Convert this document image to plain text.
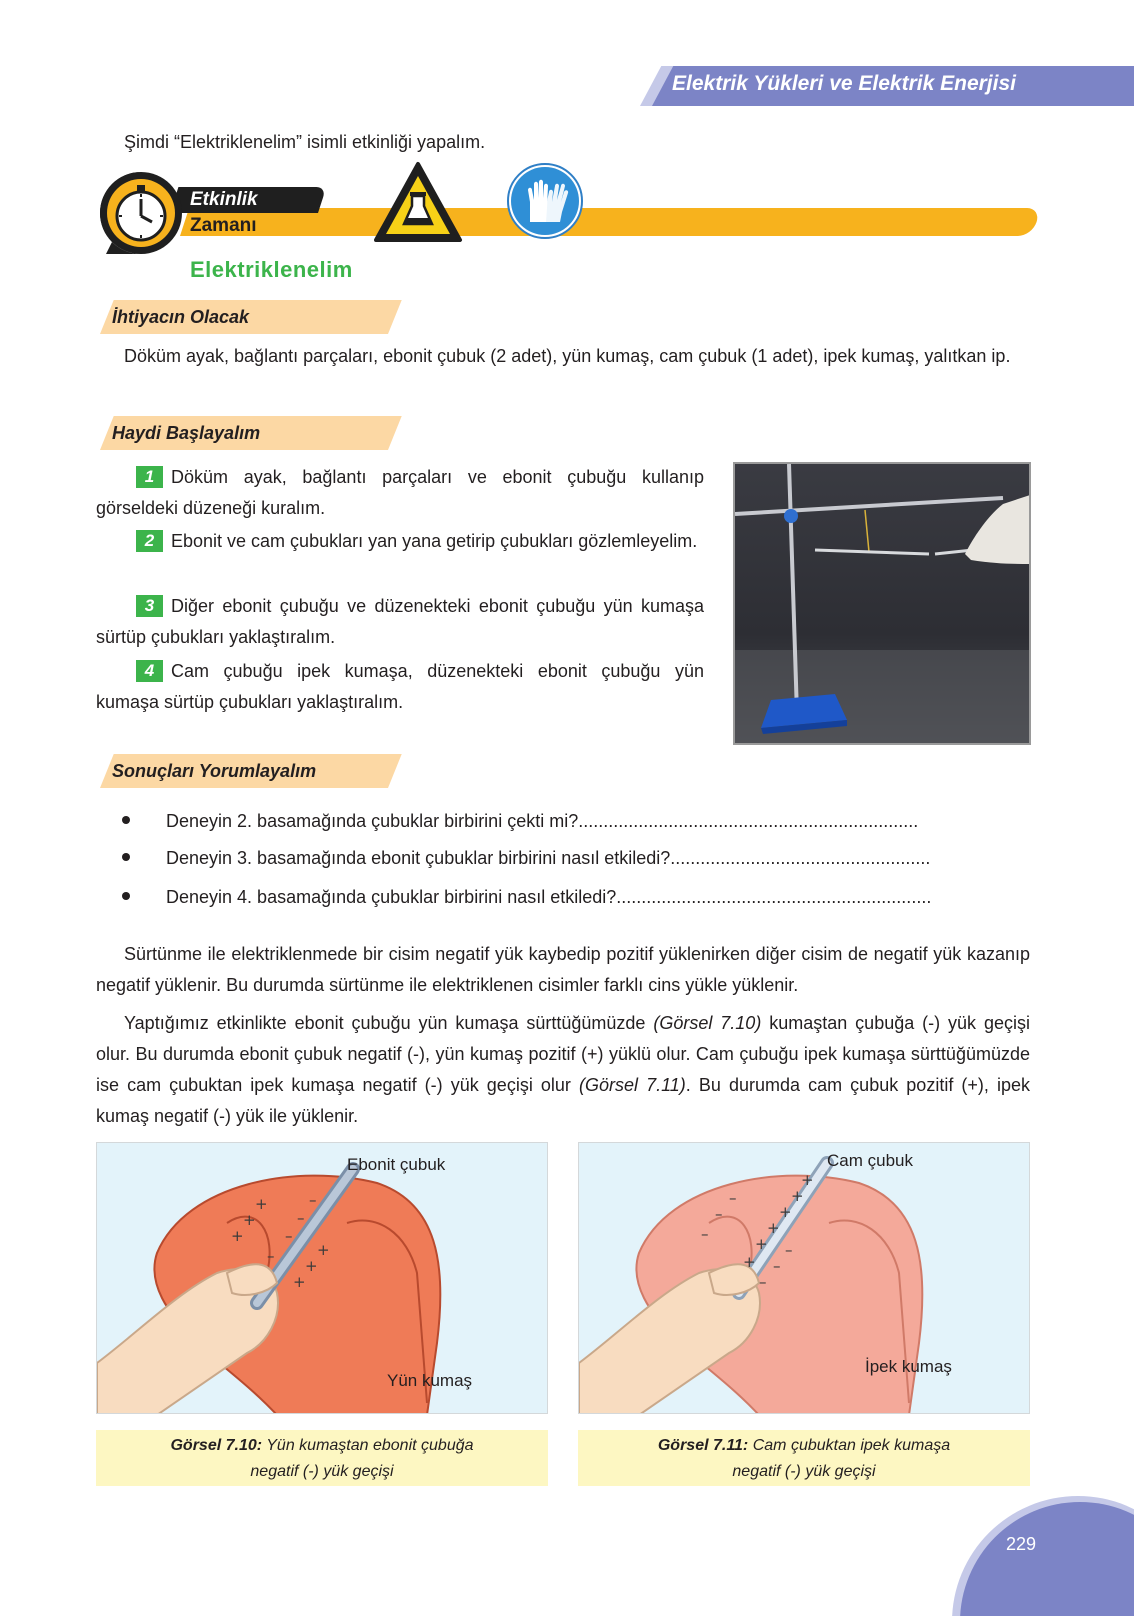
Elektrik Yükleri ve Elektrik Enerjisi
Şimdi “Elektriklenelim” isimli etkinliği yapalım.
Etkinlik
Zamanı
Elektriklenelim
İhtiyacın Olacak
Döküm ayak, bağlantı parçaları, ebonit çubuk (2 adet), yün kumaş, cam çubuk (1 adet), ipek kumaş, yalıtkan ip.
Haydi Başlayalım
1 Döküm ayak, bağlantı parçaları ve ebonit çubuğu kullanıp görseldeki düzeneği kuralım.
2 Ebonit ve cam çubukları yan yana getirip çubukları gözlemleyelim.
3 Diğer ebonit çubuğu ve düzenekteki ebonit çubuğu yün kumaşa sürtüp çubukları yaklaştıralım.
4 Cam çubuğu ipek kumaşa, düzenekteki ebonit çubuğu yün kumaşa sürtüp çubukları yaklaştıralım.
Sonuçları Yorumlayalım
Deneyin 2. basamağında çubuklar birbirini çekti mi?....................................................................
Deneyin 3. basamağında ebonit çubuklar birbirini nasıl etkiledi?....................................................
Deneyin 4. basamağında çubuklar birbirini nasıl etkiledi?...............................................................
Sürtünme ile elektriklenmede bir cisim negatif yük kaybedip pozitif yüklenirken diğer cisim de negatif yük kazanıp negatif yüklenir. Bu durumda sürtünme ile elektriklenen cisimler farklı cins yükle yüklenir.
Yaptığımız etkinlikte ebonit çubuğu yün kumaşa sürttüğümüzde (Görsel 7.10) kumaştan çubuğa (-) yük geçişi olur. Bu durumda ebonit çubuk negatif (-), yün kumaş pozitif (+) yüklü olur. Cam çubuğu ipek kumaşa sürttüğümüzde ise cam çubuktan ipek kumaşa negatif (-) yük geçişi olur (Görsel 7.11). Bu durumda cam çubuk pozitif (+), ipek kumaş negatif (-) yük ile yüklenir.
+
+
+
+
+
+
–
–
–
–
Ebonit çubuk
Yün kumaş
Görsel 7.10: Yün kumaştan ebonit çubuğa
negatif (-) yük geçişi
+
+
+
+
+
+
–
–
–
–
–
–
Cam çubuk
İpek kumaş
Görsel 7.11: Cam çubuktan ipek kumaşa
negatif (-) yük geçişi
229
